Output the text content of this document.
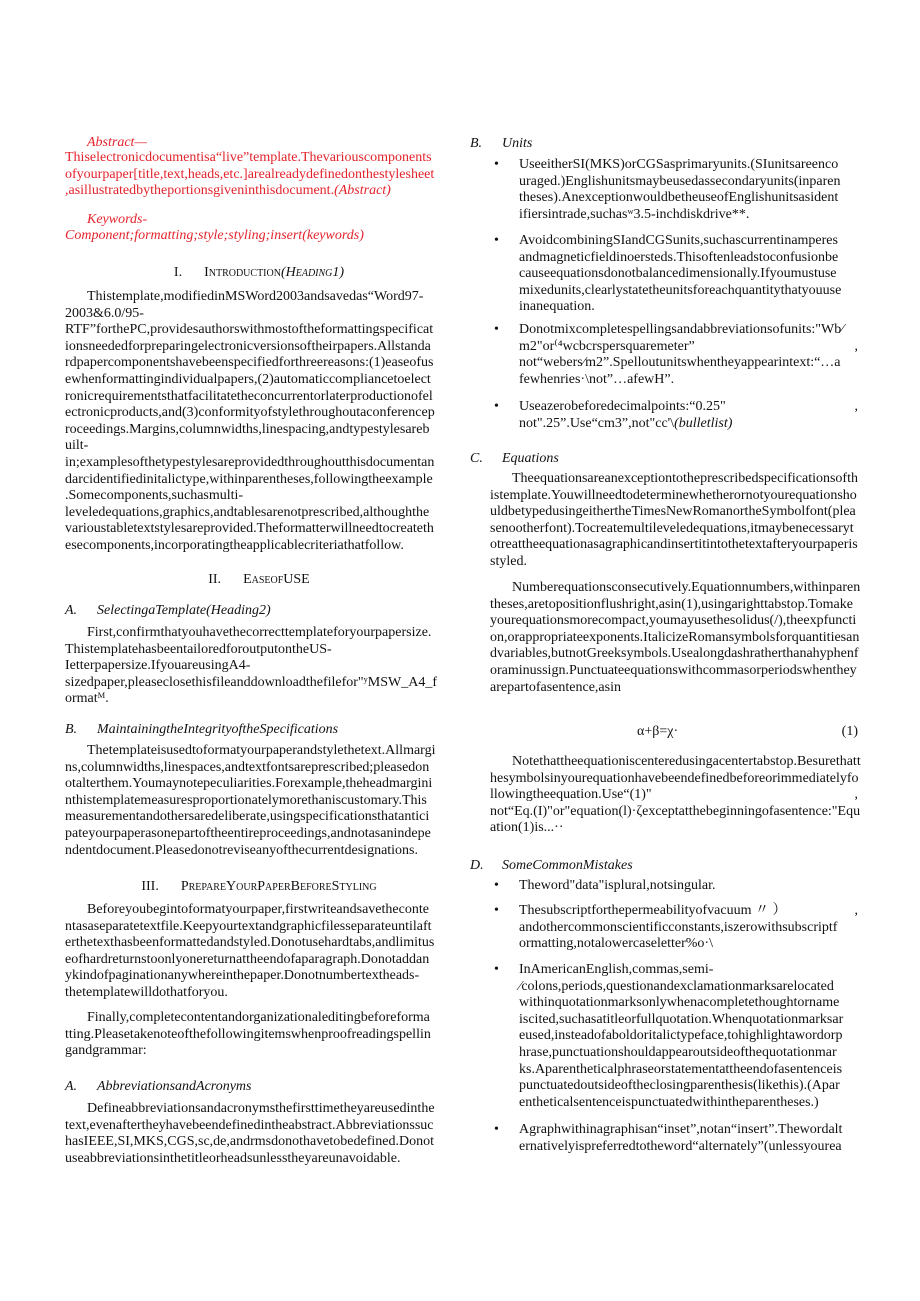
Abstract—
Thiselectronicdocumentisa“live”template.Thevariouscomponents
ofyourpaper[title,text,heads,etc.]arealreadydefinedonthestylesheet
,asillustratedbytheportionsgiveninthisdocument.(Abstract)
Keywords-
Component;formatting;style;styling;insert(keywords)
I. Introduction(Heading1)
Thistemplate,modifiedinMSWord2003andsavedas“Word97-
2003&6.0/95-
RTF”forthePC,providesauthorswithmostoftheformattingspecificat
ionsneededforpreparingelectronicversionsoftheirpapers.Allstanda
rdpapercomponentshavebeenspecifiedforthreereasons:(1)easeofus
ewhenformattingindividualpapers,(2)automaticcompliancetoelect
ronicrequirementsthatfacilitatetheconcurrentorlaterproductionofel
ectronicproducts,and(3)conformityofstylethroughoutaconferencep
roceedings.Margins,columnwidths,linespacing,andtypestylesareb
uilt-
in;examplesofthetypestylesareprovidedthroughoutthisdocumentan
darcidentifiedinitalictype,withinparentheses,followingtheexample
.Somecomponents,suchasmulti-
leveledequations,graphics,andtablesarenotprescribed,althoughthe
varioustabletextstylesareprovided.Theformatterwillneedtocreateth
esecomponents,incorporatingtheapplicablecriteriathatfollow.
II. EaseofUSE
A. SelectingaTemplate(Heading2)
First,confirmthatyouhavethecorrecttemplateforyourpapersize.
ThistemplatehasbeentailoredforoutputontheUS-
Ietterpapersize.IfyouareusingA4-
sizedpaper,pleaseclosethisfileanddownloadthefilefor"ʸMSW_A4_f
ormatᴹ.
B. MaintainingtheIntegrityoftheSpecifications
Thetemplateisusedtoformatyourpaperandstylethetext.Allmargi
ns,columnwidths,linespaces,andtextfontsareprescribed;pleasedon
otalterthem.Youmaynotepeculiarities.Forexample,theheadmargini
nthistemplatemeasuresproportionatelymorethaniscustomary.This
measurementandothersaredeliberate,usingspecificationsthatantici
pateyourpaperasonepartoftheentireproceedings,andnotasanindepe
ndentdocument.Pleasedonotreviseanyofthecurrentdesignations.
III. PrepareYourPaperBeforeStyling
Beforeyoubegintoformatyourpaper,firstwriteandsavetheconte
ntasaseparatetextfile.Keepyourtextandgraphicfilesseparateuntilaft
erthetexthasbeenformattedandstyled.Donotusehardtabs,andlimitus
eofhardreturnstoonlyonereturnattheendofaparagraph.Donotaddan
ykindofpaginationanywhereinthepaper.Donotnumbertextheads-
thetemplatewilldothatforyou.
Finally,completecontentandorganizationaleditingbeforeforma
tting.Pleasetakenoteofthefollowingitemswhenproofreadingspellin
gandgrammar:
A. AbbreviationsandAcronyms
Defineabbreviationsandacronymsthefirsttimetheyareusedinthe
text,evenaftertheyhavebeendefinedintheabstract.Abbreviationssuc
hasIEEE,SI,MKS,CGS,sc,de,andrmsdonothavetobedefined.Donot
useabbreviationsinthetitleorheadsunlesstheyareunavoidable.
B. Units
• UseeitherSI(MKS)orCGSasprimaryunits.(SIunitsareenco
uraged.)Englishunitsmaybeusedassecondaryunits(inparen
theses).AnexceptionwouldbetheuseofEnglishunitsasident
ifiersintrade,suchasʷ3.5-inchdiskdrive**.
• AvoidcombiningSIandCGSunits,suchascurrentinamperes
andmagneticfieldinoersteds.Thisoftenleadstoconfusionbe
causeequationsdonotbalancedimensionally.Ifyoumustuse
mixedunits,clearlystatetheunitsforeachquantitythatyouuse
inanequation.
• Donotmixcompletespellingsandabbreviationsofunits:"Wb⁄
m2"or⁽⁴wcbcrspersquaremeter”	,
not“webers⁄m2”.Spelloutunitswhentheyappearintext:“…a
fewhenries·\not”…afewH”.
• Useazerobeforedecimalpoints:“0.25"	,
not".25”.Use“cm3”,not"cc'\(bulletlist)
C. Equations
Theequationsareanexceptiontotheprescribedspecificationsofth
istemplate.Youwillneedtodeterminewhetherornotyourequationsho
uldbetypedusingeithertheTimesNewRomanortheSymbolfont(plea
senootherfont).Tocreatemultileveledequations,itmaybenecessaryt
otreattheequationasagraphicandinsertitintothetextafteryourpaperis
styled.
Numberequationsconsecutively.Equationnumbers,withinparen
theses,aretopositionflushright,asin(1),usingarighttabstop.Tomake
yourequationsmorecompact,youmayusethesolidus(/),theexpfuncti
on,orappropriateexponents.ItalicizeRomansymbolsforquantitiesan
dvariables,butnotGreeksymbols.Usealongdashratherthanahyphenf
oraminussign.Punctuateequationswithcommasorperiodswhenthey
arepartofasentence,asin
α+β=χ·	(1)
Notethattheequationiscenteredusingacentertabstop.Besurethatt
hesymbolsinyourequationhavebeendefinedbeforeorimmediatelyfo
llowingtheequation.Use“(1)"	,
not“Eq.(I)"or"equation(l)·ζexceptatthebeginningofasentence:"Equ
ation(1)is...··
D. SomeCommonMistakes
• Theword"data"isplural,notsingular.
• Thesubscriptforthepermeabilityofvacuum 〃 ）	,
andothercommonscientificconstants,iszerowithsubscriptf
ormatting,notalowercaseletter%o·\
• InAmericanEnglish,commas,semi-
⁄colons,periods,questionandexclamationmarksarelocated
withinquotationmarksonlywhenacompletethoughtorname
iscited,suchasatitleorfullquotation.Whenquotationmarksar
eused,insteadofaboldoritalictypeface,tohighlightawordorp
hrase,punctuationshouldappearoutsideofthequotationmar
ks.Aparentheticalphraseorstatementattheendofasentenceis
punctuatedoutsideoftheclosingparenthesis(likethis).(Apar
entheticalsentenceispunctuatedwithintheparentheses.)
• Agraphwithinagraphisan“inset”,notan“insert”.Thewordalt
ernativelyispreferredtotheword“alternately”(unlessyourea
